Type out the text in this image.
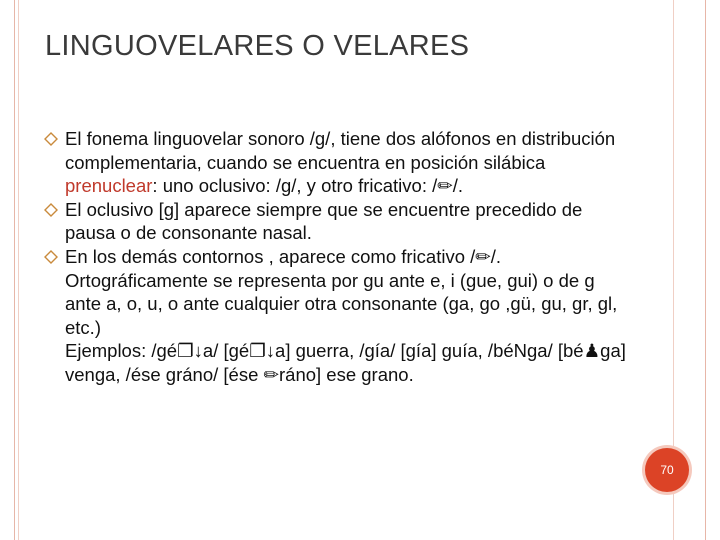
LINGUOVELARES O VELARES
El fonema linguovelar sonoro /g/, tiene dos alófonos en distribución complementaria, cuando se encuentra en posición silábica prenuclear: uno oclusivo: /g/, y otro fricativo: /✏/.
El oclusivo [g] aparece siempre que se encuentre precedido de pausa o de consonante nasal.
En los demás contornos , aparece como fricativo /✏/. Ortográficamente se representa por gu ante e, i (gue, gui) o de g ante a, o, u, o ante cualquier otra consonante (ga, go ,gü, gu, gr, gl, etc.)
Ejemplos: /gé❐↓a/ [gé❐↓a] guerra, /gía/ [gía] guía, /béNga/ [bé♟ga] venga, /ése gráno/ [ése ✏ráno] ese grano.
70
